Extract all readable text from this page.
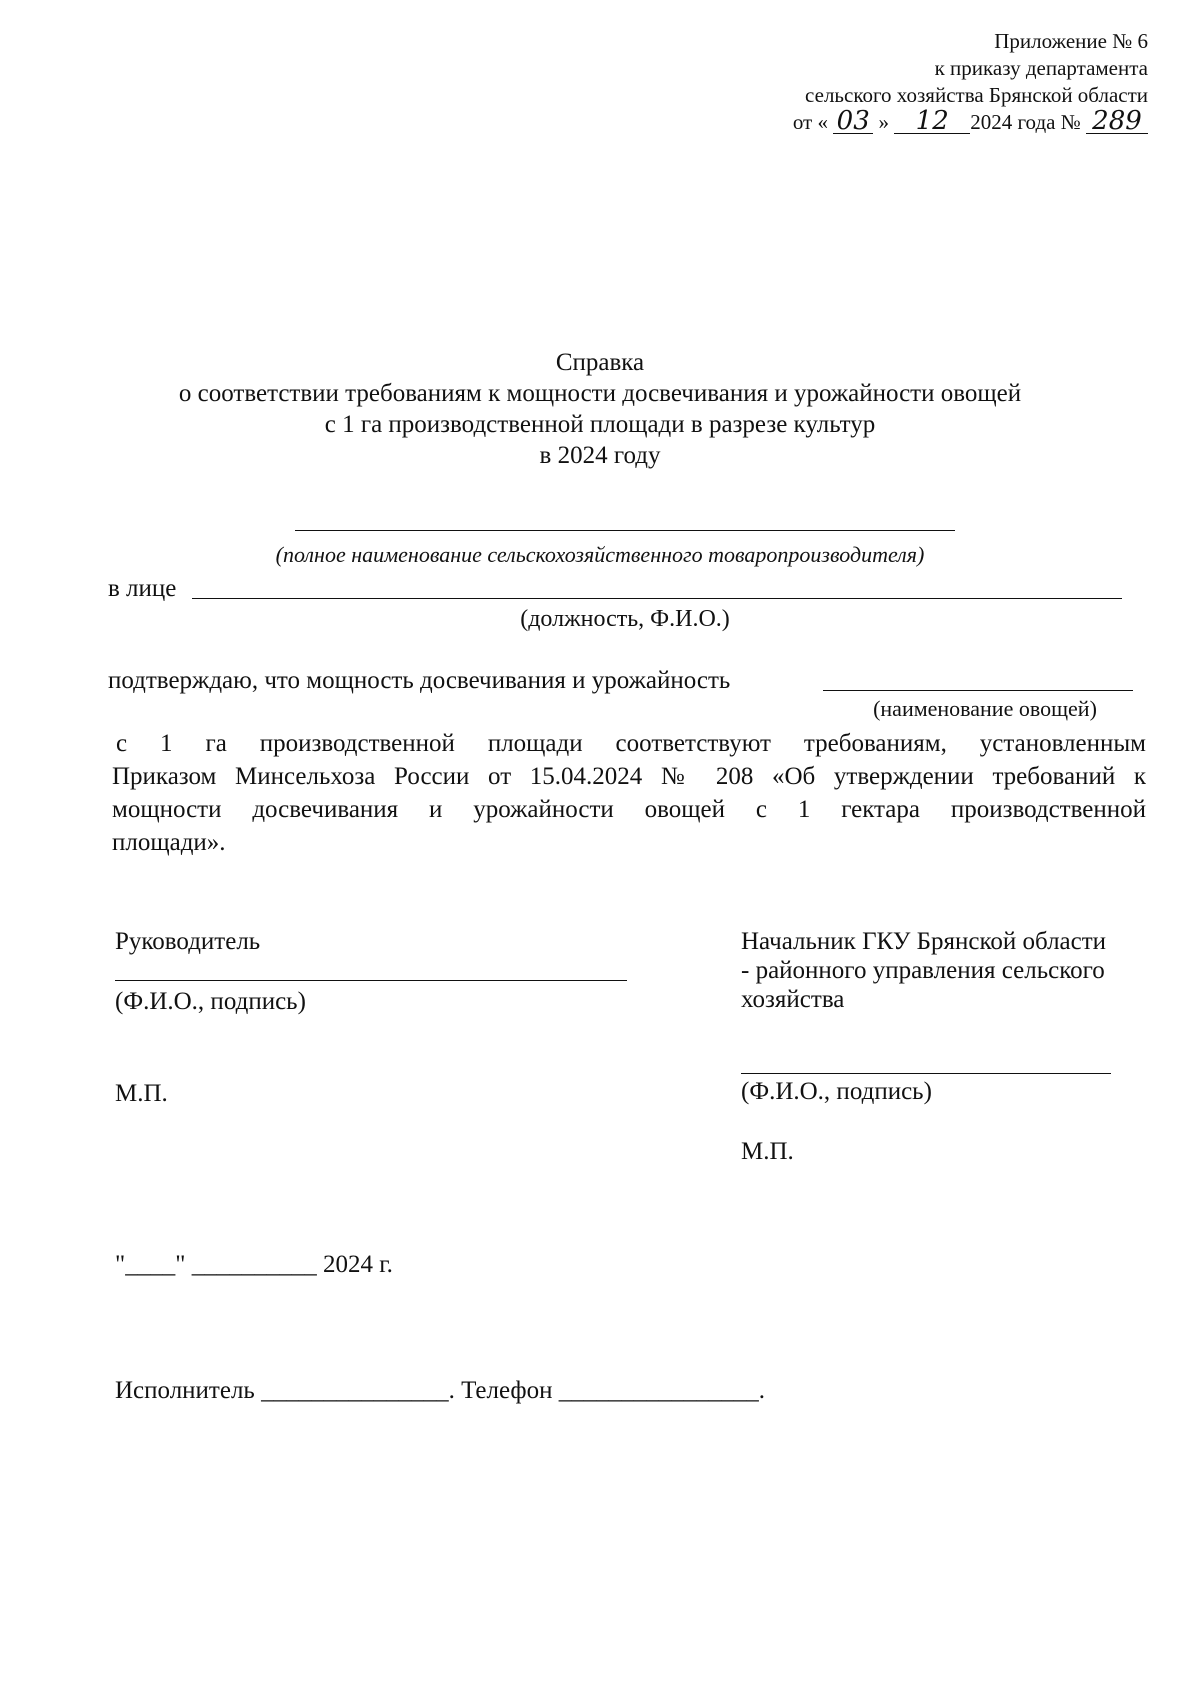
Приложение № 6
к приказу департамента
сельского хозяйства Брянской области
от « 03 » 12 2024 года № 289
Справка
о соответствии требованиям к мощности досвечивания и урожайности овощей
с 1 га производственной площади в разрезе культур
в 2024 году
(полное наименование сельскохозяйственного товаропроизводителя)
в лице
(должность, Ф.И.О.)
подтверждаю, что мощность досвечивания и урожайность
(наименование овощей)
с 1 га производственной площади соответствуют требованиям, установленным
Приказом Минсельхоза России от 15.04.2024 № 208 «Об утверждении требований к
мощности досвечивания и урожайности овощей с 1 гектара производственной
площади».
Руководитель
(Ф.И.О., подпись)
М.П.
Начальник ГКУ Брянской области
- районного управления сельского
хозяйства
(Ф.И.О., подпись)
М.П.
"____" __________ 2024 г.
Исполнитель _______________. Телефон ________________.
